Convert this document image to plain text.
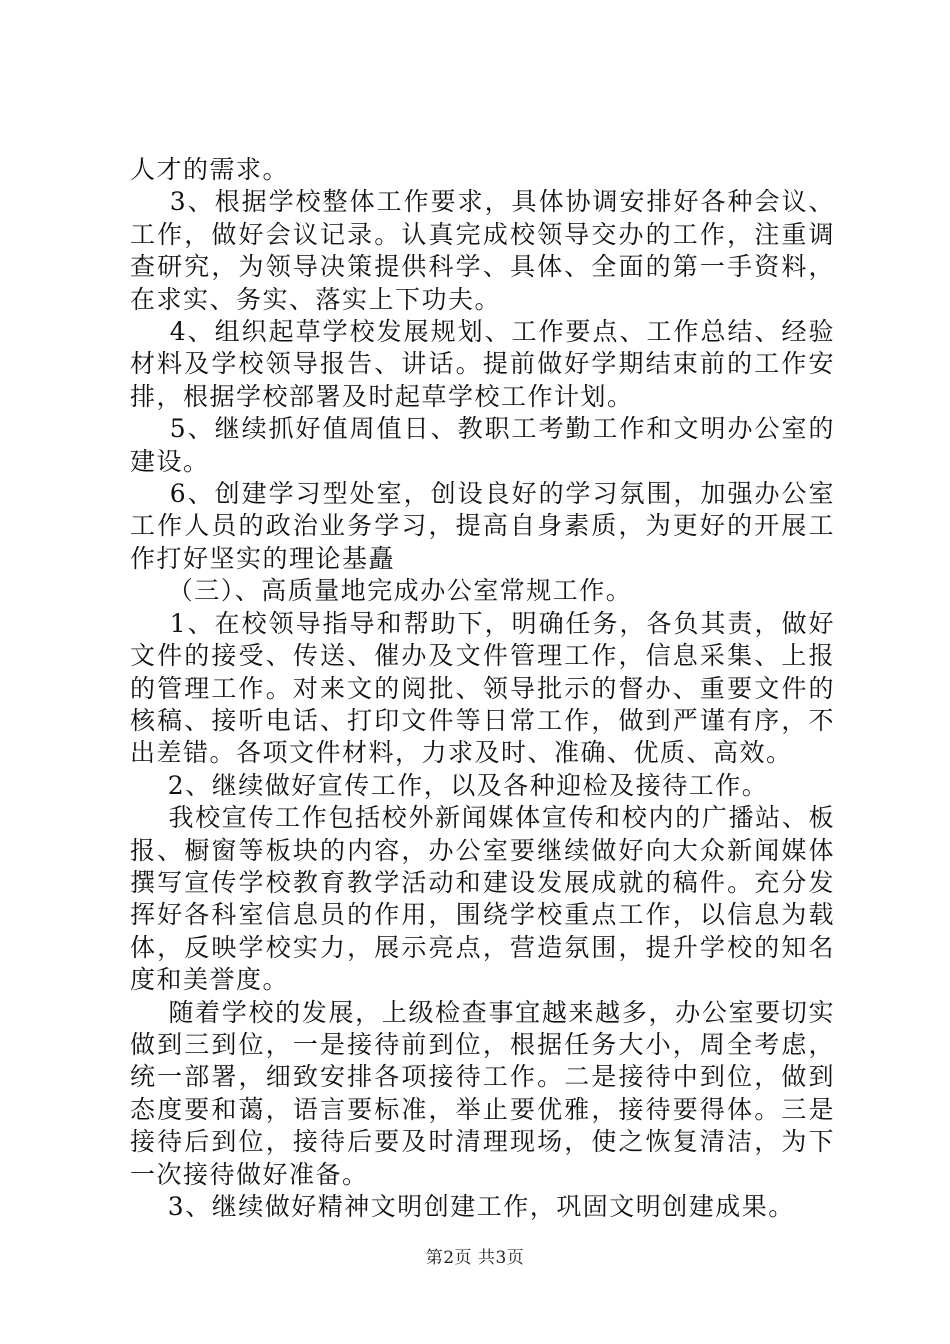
人才的需求。

3、根据学校整体工作要求，具体协调安排好各种会议、工作，做好会议记录。认真完成校领导交办的工作，注重调查研究，为领导决策提供科学、具体、全面的第一手资料，在求实、务实、落实上下功夫。

4、组织起草学校发展规划、工作要点、工作总结、经验材料及学校领导报告、讲话。提前做好学期结束前的工作安排，根据学校部署及时起草学校工作计划。

5、继续抓好值周值日、教职工考勤工作和文明办公室的建设。

6、创建学习型处室，创设良好的学习氛围，加强办公室工作人员的政治业务学习，提高自身素质，为更好的开展工作打好坚实的理论基矗

（三）、高质量地完成办公室常规工作。

1、在校领导指导和帮助下，明确任务，各负其责，做好文件的接受、传送、催办及文件管理工作，信息采集、上报的管理工作。对来文的阅批、领导批示的督办、重要文件的核稿、接听电话、打印文件等日常工作，做到严谨有序，不出差错。各项文件材料，力求及时、准确、优质、高效。

2、继续做好宣传工作，以及各种迎检及接待工作。

我校宣传工作包括校外新闻媒体宣传和校内的广播站、板报、橱窗等板块的内容，办公室要继续做好向大众新闻媒体撰写宣传学校教育教学活动和建设发展成就的稿件。充分发挥好各科室信息员的作用，围绕学校重点工作，以信息为载体，反映学校实力，展示亮点，营造氛围，提升学校的知名度和美誉度。

随着学校的发展，上级检查事宜越来越多，办公室要切实做到三到位，一是接待前到位，根据任务大小，周全考虑，统一部署，细致安排各项接待工作。二是接待中到位，做到态度要和蔼，语言要标准，举止要优雅，接待要得体。三是接待后到位，接待后要及时清理现场，使之恢复清洁，为下一次接待做好准备。

3、继续做好精神文明创建工作，巩固文明创建成果。

第2页 共3页
